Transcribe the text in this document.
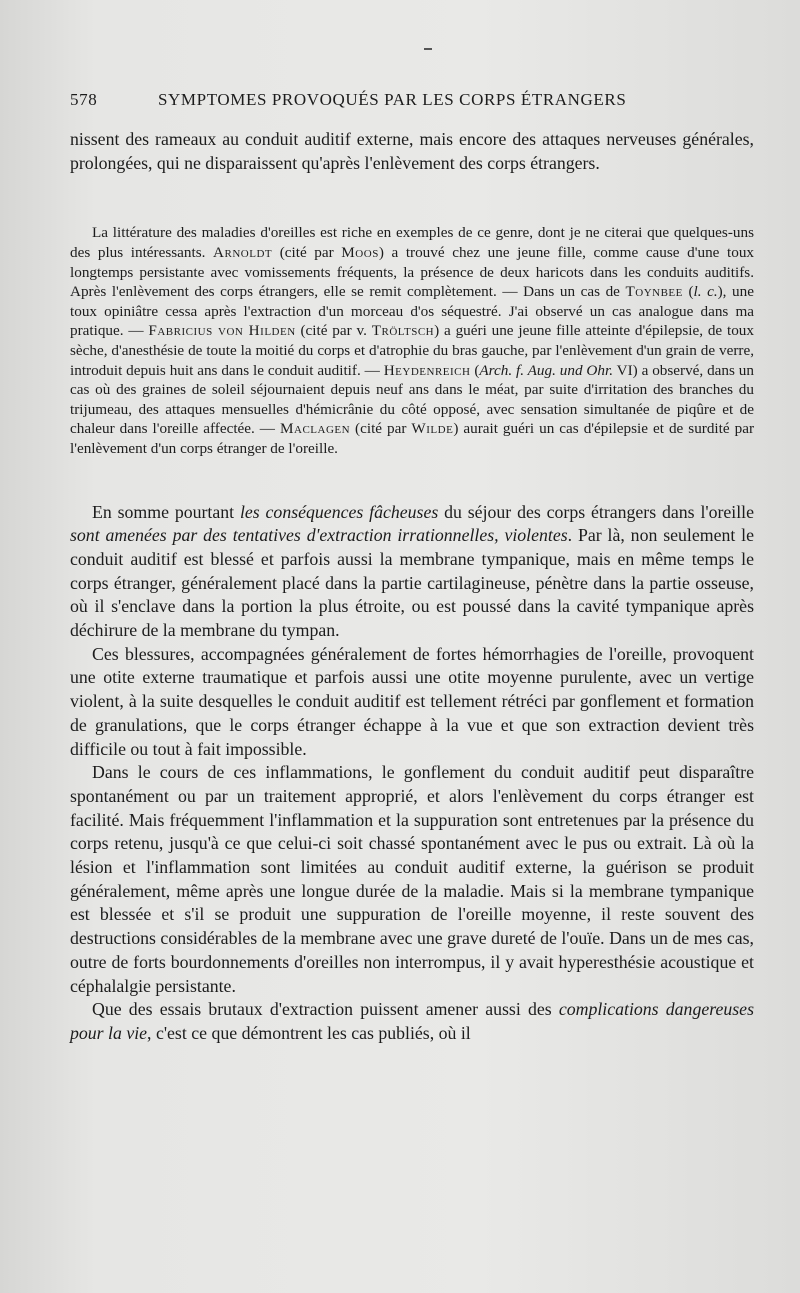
578	SYMPTOMES PROVOQUÉS PAR LES CORPS ÉTRANGERS

nissent des rameaux au conduit auditif externe, mais encore des attaques nerveuses générales, prolongées, qui ne disparaissent qu'après l'enlèvement des corps étrangers.

La littérature des maladies d'oreilles est riche en exemples de ce genre, dont je ne citerai que quelques-uns des plus intéressants. Arnoldt (cité par Moos) a trouvé chez une jeune fille, comme cause d'une toux longtemps persistante avec vomissements fréquents, la présence de deux haricots dans les conduits auditifs. Après l'enlèvement des corps étrangers, elle se remit complètement. — Dans un cas de Toynbee (l. c.), une toux opiniâtre cessa après l'extraction d'un morceau d'os séquestré. J'ai observé un cas analogue dans ma pratique. — Fabricius von Hilden (cité par v. Tröltsch) a guéri une jeune fille atteinte d'épilepsie, de toux sèche, d'anesthésie de toute la moitié du corps et d'atrophie du bras gauche, par l'enlèvement d'un grain de verre, introduit depuis huit ans dans le conduit auditif. — Heydenreich (Arch. f. Aug. und Ohr. VI) a observé, dans un cas où des graines de soleil séjournaient depuis neuf ans dans le méat, par suite d'irritation des branches du trijumeau, des attaques mensuelles d'hémicrânie du côté opposé, avec sensation simultanée de piqûre et de chaleur dans l'oreille affectée. — Maclagen (cité par Wilde) aurait guéri un cas d'épilepsie et de surdité par l'enlèvement d'un corps étranger de l'oreille.

En somme pourtant les conséquences fâcheuses du séjour des corps étrangers dans l'oreille sont amenées par des tentatives d'extraction irrationnelles, violentes. Par là, non seulement le conduit auditif est blessé et parfois aussi la membrane tympanique, mais en même temps le corps étranger, généralement placé dans la partie cartilagineuse, pénètre dans la partie osseuse, où il s'enclave dans la portion la plus étroite, ou est poussé dans la cavité tympanique après déchirure de la membrane du tympan.

Ces blessures, accompagnées généralement de fortes hémorrhagies de l'oreille, provoquent une otite externe traumatique et parfois aussi une otite moyenne purulente, avec un vertige violent, à la suite desquelles le conduit auditif est tellement rétréci par gonflement et formation de granulations, que le corps étranger échappe à la vue et que son extraction devient très difficile ou tout à fait impossible.

Dans le cours de ces inflammations, le gonflement du conduit auditif peut disparaître spontanément ou par un traitement approprié, et alors l'enlèvement du corps étranger est facilité. Mais fréquemment l'inflammation et la suppuration sont entretenues par la présence du corps retenu, jusqu'à ce que celui-ci soit chassé spontanément avec le pus ou extrait. Là où la lésion et l'inflammation sont limitées au conduit auditif externe, la guérison se produit généralement, même après une longue durée de la maladie. Mais si la membrane tympanique est blessée et s'il se produit une suppuration de l'oreille moyenne, il reste souvent des destructions considérables de la membrane avec une grave dureté de l'ouïe. Dans un de mes cas, outre de forts bourdonnements d'oreilles non interrompus, il y avait hyperesthésie acoustique et céphalalgie persistante.

Que des essais brutaux d'extraction puissent amener aussi des complications dangereuses pour la vie, c'est ce que démontrent les cas publiés, où il
